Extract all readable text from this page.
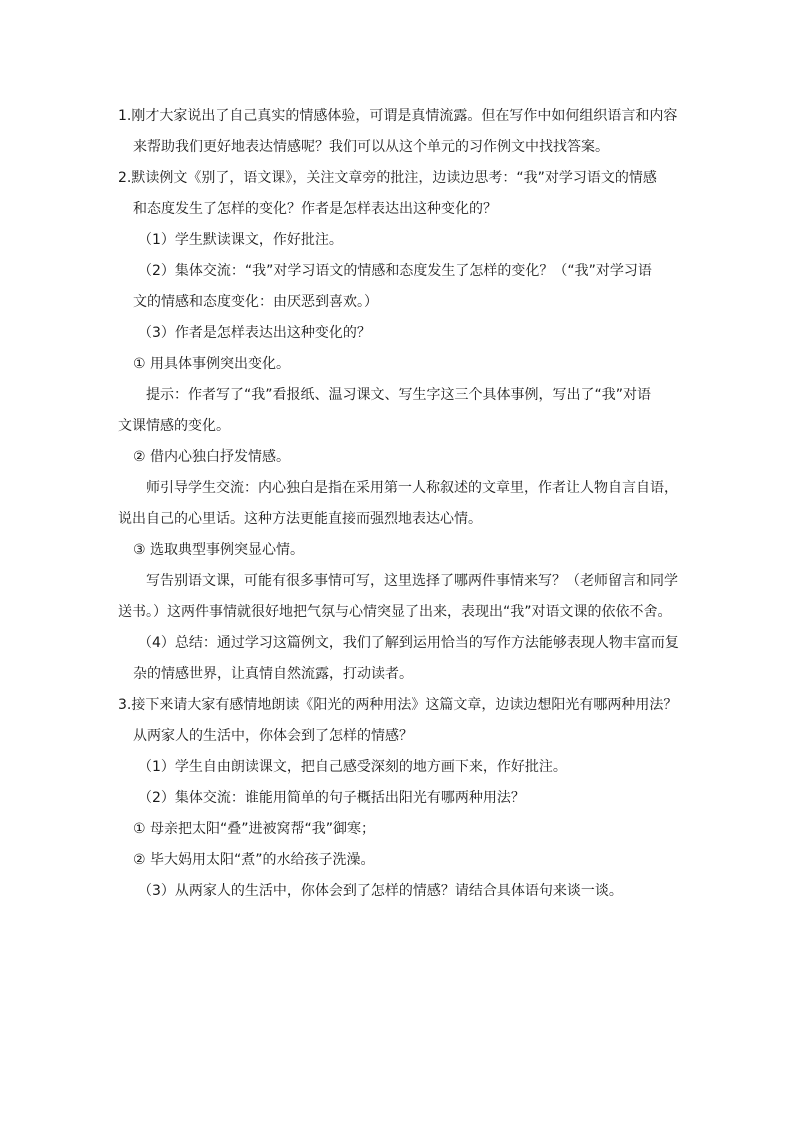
1.刚才大家说出了自己真实的情感体验，可谓是真情流露。但在写作中如何组织语言和内容
来帮助我们更好地表达情感呢？我们可以从这个单元的习作例文中找找答案。
2.默读例文《别了，语文课》，关注文章旁的批注，边读边思考：“我”对学习语文的情感
和态度发生了怎样的变化？作者是怎样表达出这种变化的？
（1）学生默读课文，作好批注。
（2）集体交流：“我”对学习语文的情感和态度发生了怎样的变化？（“我”对学习语
文的情感和态度变化：由厌恶到喜欢。）
（3）作者是怎样表达出这种变化的？
① 用具体事例突出变化。
提示：作者写了“我”看报纸、温习课文、写生字这三个具体事例，写出了“我”对语
文课情感的变化。
② 借内心独白抒发情感。
师引导学生交流：内心独白是指在采用第一人称叙述的文章里，作者让人物自言自语，
说出自己的心里话。这种方法更能直接而强烈地表达心情。
③ 选取典型事例突显心情。
写告别语文课，可能有很多事情可写，这里选择了哪两件事情来写？（老师留言和同学
送书。）这两件事情就很好地把气氛与心情突显了出来，表现出“我”对语文课的依依不舍。
（4）总结：通过学习这篇例文，我们了解到运用恰当的写作方法能够表现人物丰富而复
杂的情感世界，让真情自然流露，打动读者。
3.接下来请大家有感情地朗读《阳光的两种用法》这篇文章，边读边想阳光有哪两种用法？
从两家人的生活中，你体会到了怎样的情感？
（1）学生自由朗读课文，把自己感受深刻的地方画下来，作好批注。
（2）集体交流：谁能用简单的句子概括出阳光有哪两种用法？
① 母亲把太阳“叠”进被窝帮“我”御寒；
② 毕大妈用太阳“煮”的水给孩子洗澡。
（3）从两家人的生活中，你体会到了怎样的情感？请结合具体语句来谈一谈。
